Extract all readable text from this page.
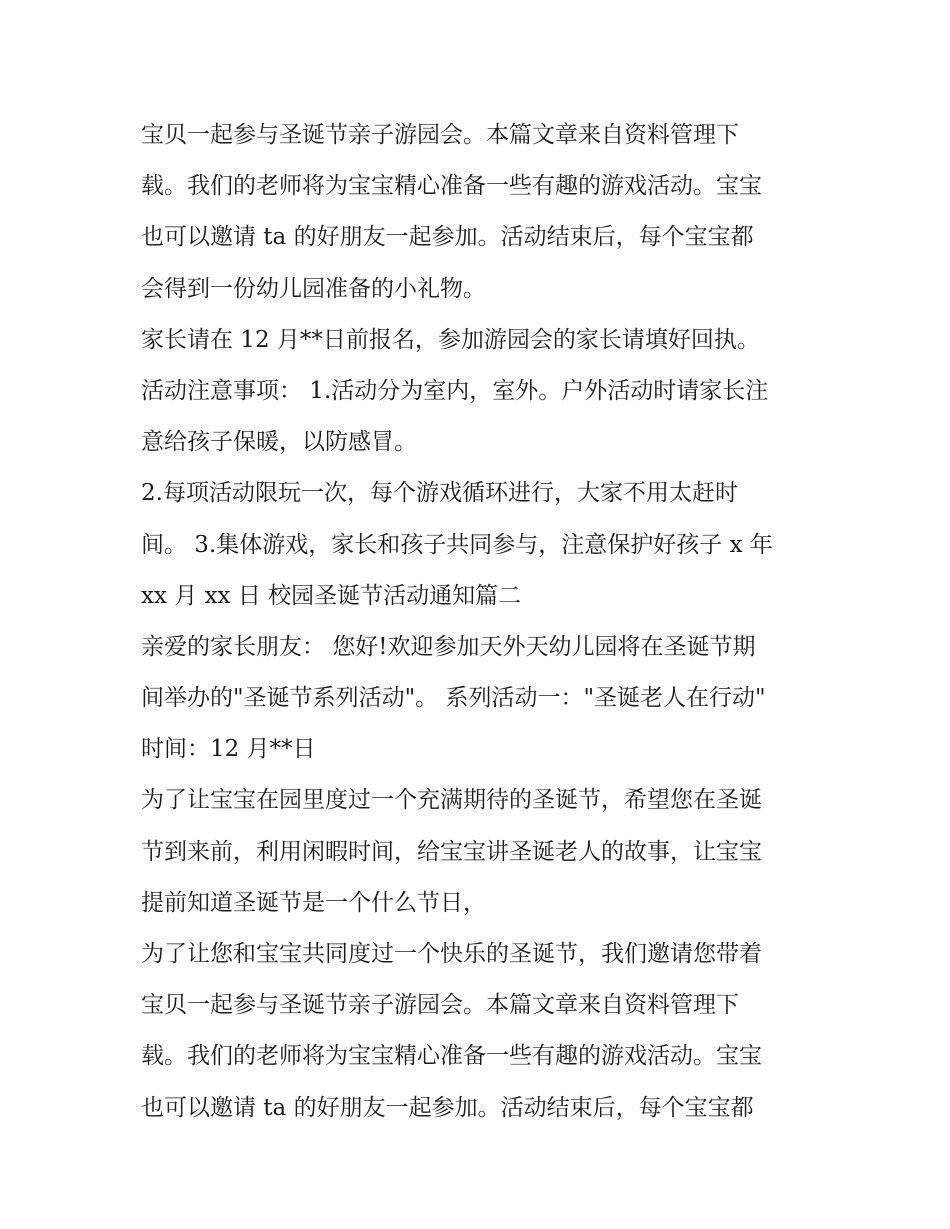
宝贝一起参与圣诞节亲子游园会。本篇文章来自资料管理下
载。我们的老师将为宝宝精心准备一些有趣的游戏活动。宝宝
也可以邀请 ta 的好朋友一起参加。活动结束后，每个宝宝都
会得到一份幼儿园准备的小礼物。
家长请在 12 月**日前报名，参加游园会的家长请填好回执。
活动注意事项： 1.活动分为室内，室外。户外活动时请家长注
意给孩子保暖，以防感冒。
2.每项活动限玩一次，每个游戏循环进行，大家不用太赶时
间。 3.集体游戏，家长和孩子共同参与，注意保护好孩子 x 年
xx 月 xx 日 校园圣诞节活动通知篇二
亲爱的家长朋友： 您好!欢迎参加天外天幼儿园将在圣诞节期
间举办的"圣诞节系列活动"。 系列活动一："圣诞老人在行动"
时间：12 月**日
为了让宝宝在园里度过一个充满期待的圣诞节，希望您在圣诞
节到来前，利用闲暇时间，给宝宝讲圣诞老人的故事，让宝宝
提前知道圣诞节是一个什么节日，
为了让您和宝宝共同度过一个快乐的圣诞节，我们邀请您带着
宝贝一起参与圣诞节亲子游园会。本篇文章来自资料管理下
载。我们的老师将为宝宝精心准备一些有趣的游戏活动。宝宝
也可以邀请 ta 的好朋友一起参加。活动结束后，每个宝宝都
